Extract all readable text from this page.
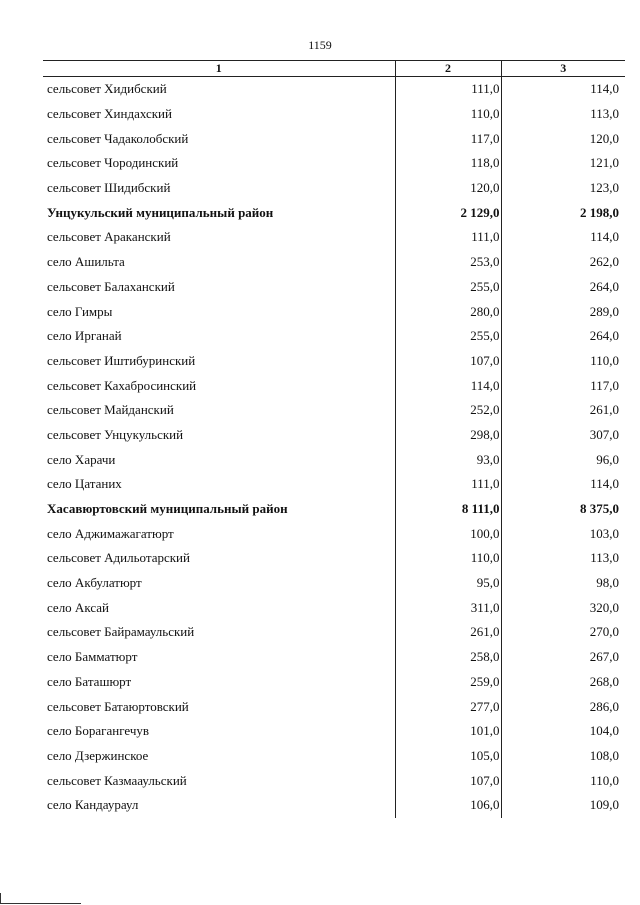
1159
1	2	3
сельсовет Хидибский	111,0	114,0
сельсовет Хиндахский	110,0	113,0
сельсовет Чадаколобский	117,0	120,0
сельсовет Чородинский	118,0	121,0
сельсовет Шидибский	120,0	123,0
Унцукульский муниципальный район	2 129,0	2 198,0
сельсовет Араканский	111,0	114,0
село Ашильта	253,0	262,0
сельсовет Балаханский	255,0	264,0
село Гимры	280,0	289,0
село Ирганай	255,0	264,0
сельсовет Иштибуринский	107,0	110,0
сельсовет Кахабросинский	114,0	117,0
сельсовет Майданский	252,0	261,0
сельсовет Унцукульский	298,0	307,0
село Харачи	93,0	96,0
село Цатаних	111,0	114,0
Хасавюртовский муниципальный район	8 111,0	8 375,0
село Аджимажагатюрт	100,0	103,0
сельсовет Адильотарский	110,0	113,0
село Акбулатюрт	95,0	98,0
село Аксай	311,0	320,0
сельсовет Байрамаульский	261,0	270,0
село Бамматюрт	258,0	267,0
село Баташюрт	259,0	268,0
сельсовет Батаюртовский	277,0	286,0
село Борагангечув	101,0	104,0
село Дзержинское	105,0	108,0
сельсовет Казмааульский	107,0	110,0
село Кандаураул	106,0	109,0
